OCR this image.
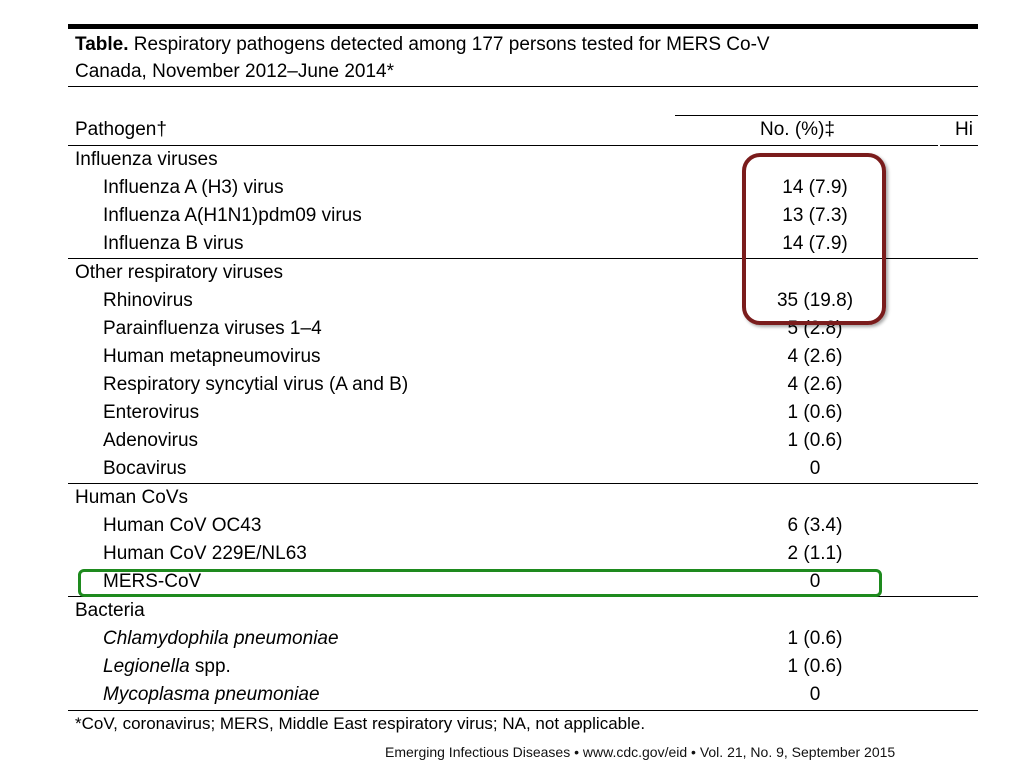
Table. Respiratory pathogens detected among 177 persons tested for MERS Co-V
Canada, November 2012–June 2014*
Pathogen†	No. (%)‡	Hi
Influenza viruses
Influenza A (H3) virus	14 (7.9)
Influenza A(H1N1)pdm09 virus	13 (7.3)
Influenza B virus	14 (7.9)
Other respiratory viruses
Rhinovirus	35 (19.8)
Parainfluenza viruses 1–4	5 (2.8)
Human metapneumovirus	4 (2.6)
Respiratory syncytial virus (A and B)	4 (2.6)
Enterovirus	1 (0.6)
Adenovirus	1 (0.6)
Bocavirus	0
Human CoVs
Human CoV OC43	6 (3.4)
Human CoV 229E/NL63	2 (1.1)
MERS-CoV	0
Bacteria
Chlamydophila pneumoniae	1 (0.6)
Legionella spp.	1 (0.6)
Mycoplasma pneumoniae	0
*CoV, coronavirus; MERS, Middle East respiratory virus; NA, not applicable.
Emerging Infectious Diseases • www.cdc.gov/eid • Vol. 21, No. 9, September 2015
